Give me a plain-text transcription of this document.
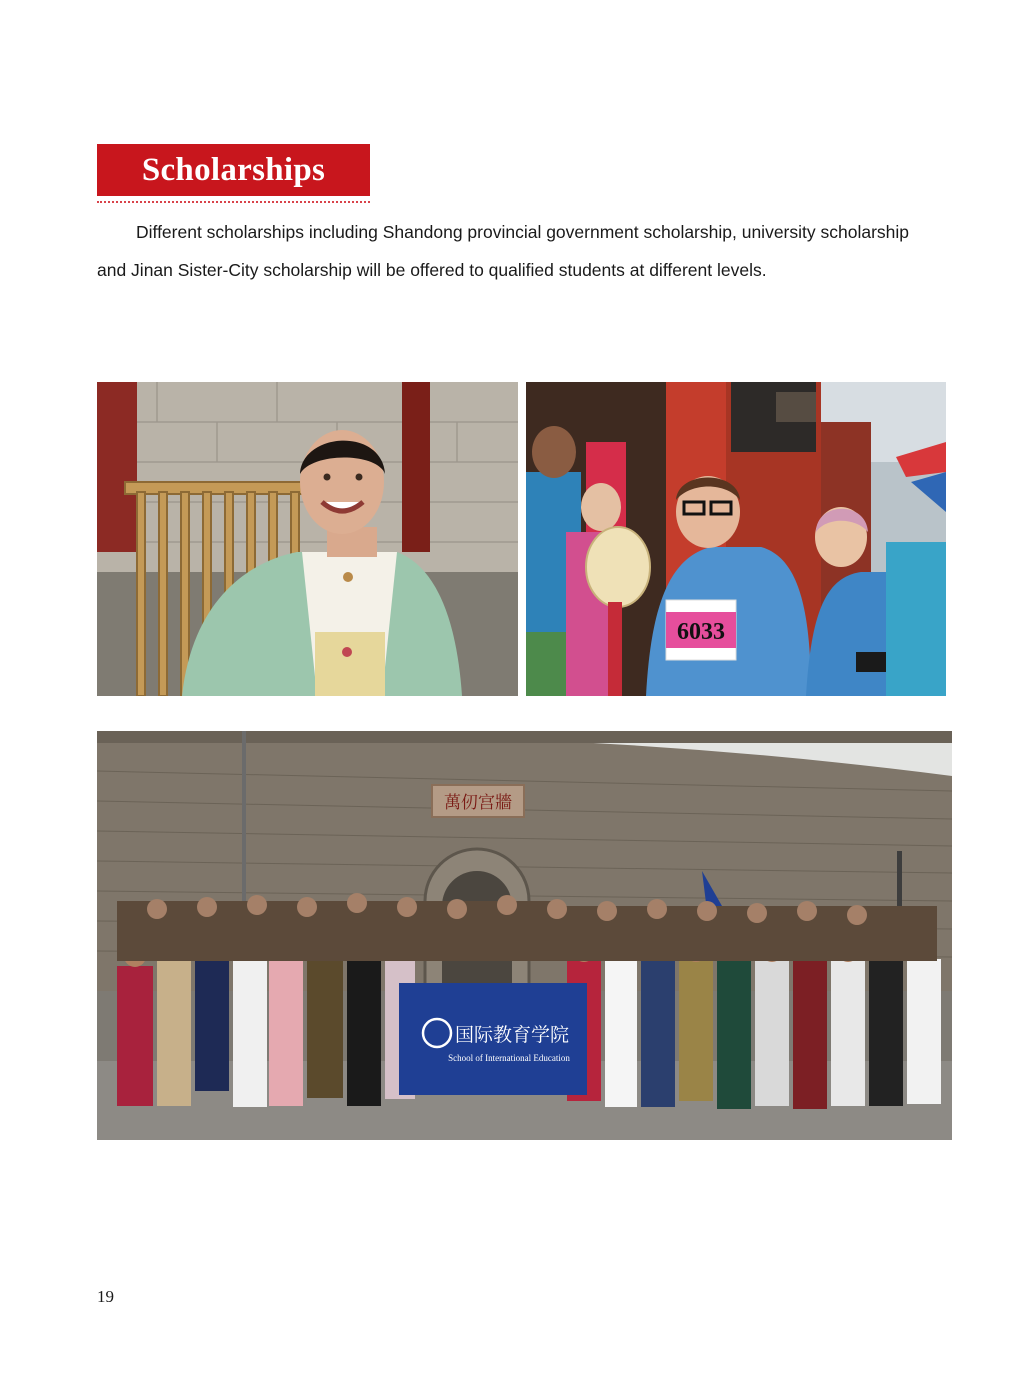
Scholarships

Different scholarships including Shandong provincial government scholarship, university scholarship and Jinan Sister-City scholarship will be offered to qualified students at different levels.

6033
萬仞宫牆
国际教育学院
School of International Education
19
